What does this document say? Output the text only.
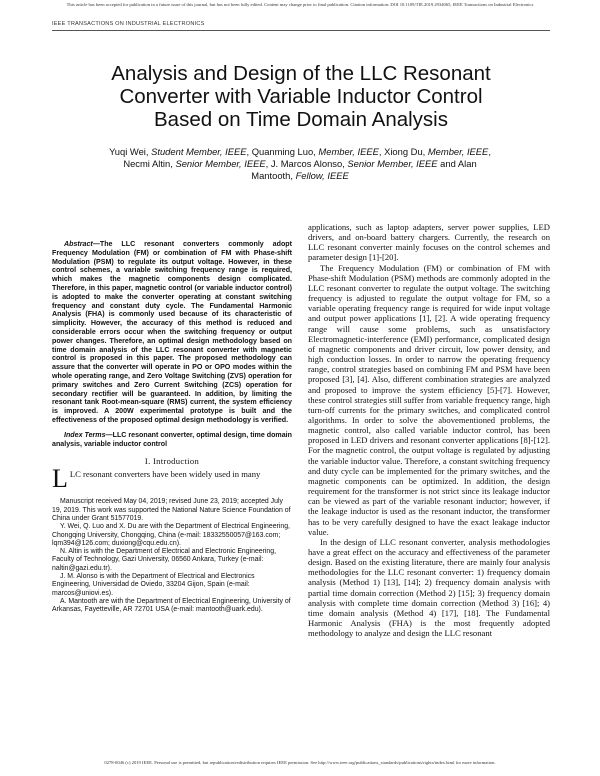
This article has been accepted for publication in a future issue of this journal, but has not been fully edited. Content may change prior to final publication. Citation information: DOI 10.1109/TIE.2019.2934065, IEEE Transactions on Industrial Electronics
IEEE TRANSACTIONS ON INDUSTRIAL ELECTRONICS
Analysis and Design of the LLC Resonant
Converter with Variable Inductor Control
Based on Time Domain Analysis
Yuqi Wei, Student Member, IEEE, Quanming Luo, Member, IEEE, Xiong Du, Member, IEEE,
Necmi Altin, Senior Member, IEEE, J. Marcos Alonso, Senior Member, IEEE and Alan
Mantooth, Fellow, IEEE

Abstract—The LLC resonant converters commonly adopt Frequency Modulation (FM) or combination of FM with Phase-shift Modulation (PSM) to regulate its output voltage. However, in these control schemes, a variable switching frequency range is required, which makes the magnetic components design complicated. Therefore, in this paper, magnetic control (or variable inductor control) is adopted to make the converter operating at constant switching frequency and constant duty cycle. The Fundamental Harmonic Analysis (FHA) is commonly used because of its characteristic of simplicity. However, the accuracy of this method is reduced and considerable errors occur when the switching frequency or output power changes. Therefore, an optimal design methodology based on time domain analysis of the LLC resonant converter with magnetic control is proposed in this paper. The proposed methodology can assure that the converter will operate in PO or OPO modes within the whole operating range, and Zero Voltage Switching (ZVS) operation for primary switches and Zero Current Switching (ZCS) operation for secondary rectifier will be guaranteed. In addition, by limiting the resonant tank Root-mean-square (RMS) current, the system efficiency is improved. A 200W experimental prototype is built and the effectiveness of the proposed optimal design methodology is verified.

Index Terms—LLC resonant converter, optimal design, time domain analysis, variable inductor control

I. Introduction

LLC resonant converters have been widely used in many

Manuscript received May 04, 2019; revised June 23, 2019; accepted July 19, 2019. This work was supported the National Nature Science Foundation of China under Grant 51577019.

Y. Wei, Q. Luo and X. Du are with the Department of Electrical Engineering, Chongqing University, Chongqing, China (e-mail: 18332550057@163.com; lqm394@126.com; duxiong@cqu.edu.cn).

N. Altin is with the Department of Electrical and Electronic Engineering, Faculty of Technology, Gazi University, 06560 Ankara, Turkey (e-mail: naltin@gazi.edu.tr).

J. M. Alonso is with the Department of Electrical and Electronics Engineering, Universidad de Oviedo, 33204 Gijon, Spain (e-mail: marcos@uniovi.es).

A. Mantooth are with the Department of Electrical Engineering, University of Arkansas, Fayetteville, AR 72701 USA (e-mail: mantooth@uark.edu).

applications, such as laptop adapters, server power supplies, LED drivers, and on-board battery chargers. Currently, the research on LLC resonant converter mainly focuses on the control schemes and parameter design [1]-[20].

The Frequency Modulation (FM) or combination of FM with Phase-shift Modulation (PSM) methods are commonly adopted in the LLC resonant converter to regulate the output voltage. The switching frequency is adjusted to regulate the output voltage for FM, so a variable operating frequency range is required for wide input voltage and output power applications [1], [2]. A wide operating frequency range will cause some problems, such as unsatisfactory Electromagnetic-interference (EMI) performance, complicated design of magnetic components and driver circuit, low power density, and high conduction losses. In order to narrow the operating frequency range, control strategies based on combining FM and PSM have been proposed [3], [4]. Also, different combination strategies are analyzed and proposed to improve the system efficiency [5]-[7]. However, these control strategies still suffer from variable frequency range, high turn-off currents for the primary switches, and complicated control algorithms. In order to solve the abovementioned problems, the magnetic control, also called variable inductor control, has been proposed in LED drivers and resonant converter applications [8]-[12]. For the magnetic control, the output voltage is regulated by adjusting the variable inductor value. Therefore, a constant switching frequency and duty cycle can be implemented for the primary switches, and the magnetic components can be optimized. In addition, the design requirement for the transformer is not strict since its leakage inductor can be viewed as part of the variable resonant inductor; however, if the leakage inductor is used as the resonant inductor, the transformer has to be very carefully designed to have the exact leakage inductor value.

In the design of LLC resonant converter, analysis methodologies have a great effect on the accuracy and effectiveness of the parameter design. Based on the existing literature, there are mainly four analysis methodologies for the LLC resonant converter: 1) frequency domain analysis (Method 1) [13], [14]; 2) frequency domain analysis with partial time domain correction (Method 2) [15]; 3) frequency domain analysis with complete time domain correction (Method 3) [16]; 4) time domain analysis (Method 4) [17], [18]. The Fundamental Harmonic Analysis (FHA) is the most frequently adopted methodology to analyze and design the LLC resonant

0278-0046 (c) 2019 IEEE. Personal use is permitted, but republication/redistribution requires IEEE permission. See http://www.ieee.org/publications_standards/publications/rights/index.html for more information.
